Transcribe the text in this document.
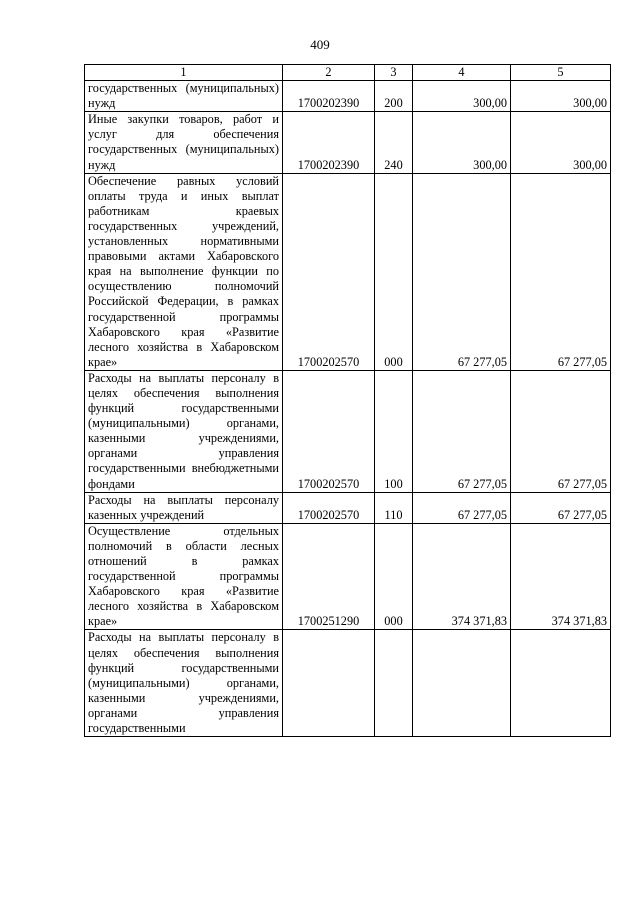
409
1	2	3	4	5
государственных (муниципальных) нужд	1700202390	200	300,00	300,00
Иные закупки товаров, работ и услуг для обеспечения государственных (муниципальных) нужд	1700202390	240	300,00	300,00
Обеспечение равных условий оплаты труда и иных выплат работникам краевых государственных учреждений, установленных нормативными правовыми актами Хабаровского края на выполнение функции по осуществлению полномочий Российской Федерации, в рамках государственной программы Хабаровского края «Развитие лесного хозяйства в Хабаровском крае»	1700202570	000	67 277,05	67 277,05
Расходы на выплаты персоналу в целях обеспечения выполнения функций государственными (муниципальными) органами, казенными учреждениями, органами управления государственными внебюджетными фондами	1700202570	100	67 277,05	67 277,05
Расходы на выплаты персоналу казенных учреждений	1700202570	110	67 277,05	67 277,05
Осуществление отдельных полномочий в области лесных отношений в рамках государственной программы Хабаровского края «Развитие лесного хозяйства в Хабаровском крае»	1700251290	000	374 371,83	374 371,83
Расходы на выплаты персоналу в целях обеспечения выполнения функций государственными (муниципальными) органами, казенными учреждениями, органами управления государственными				
